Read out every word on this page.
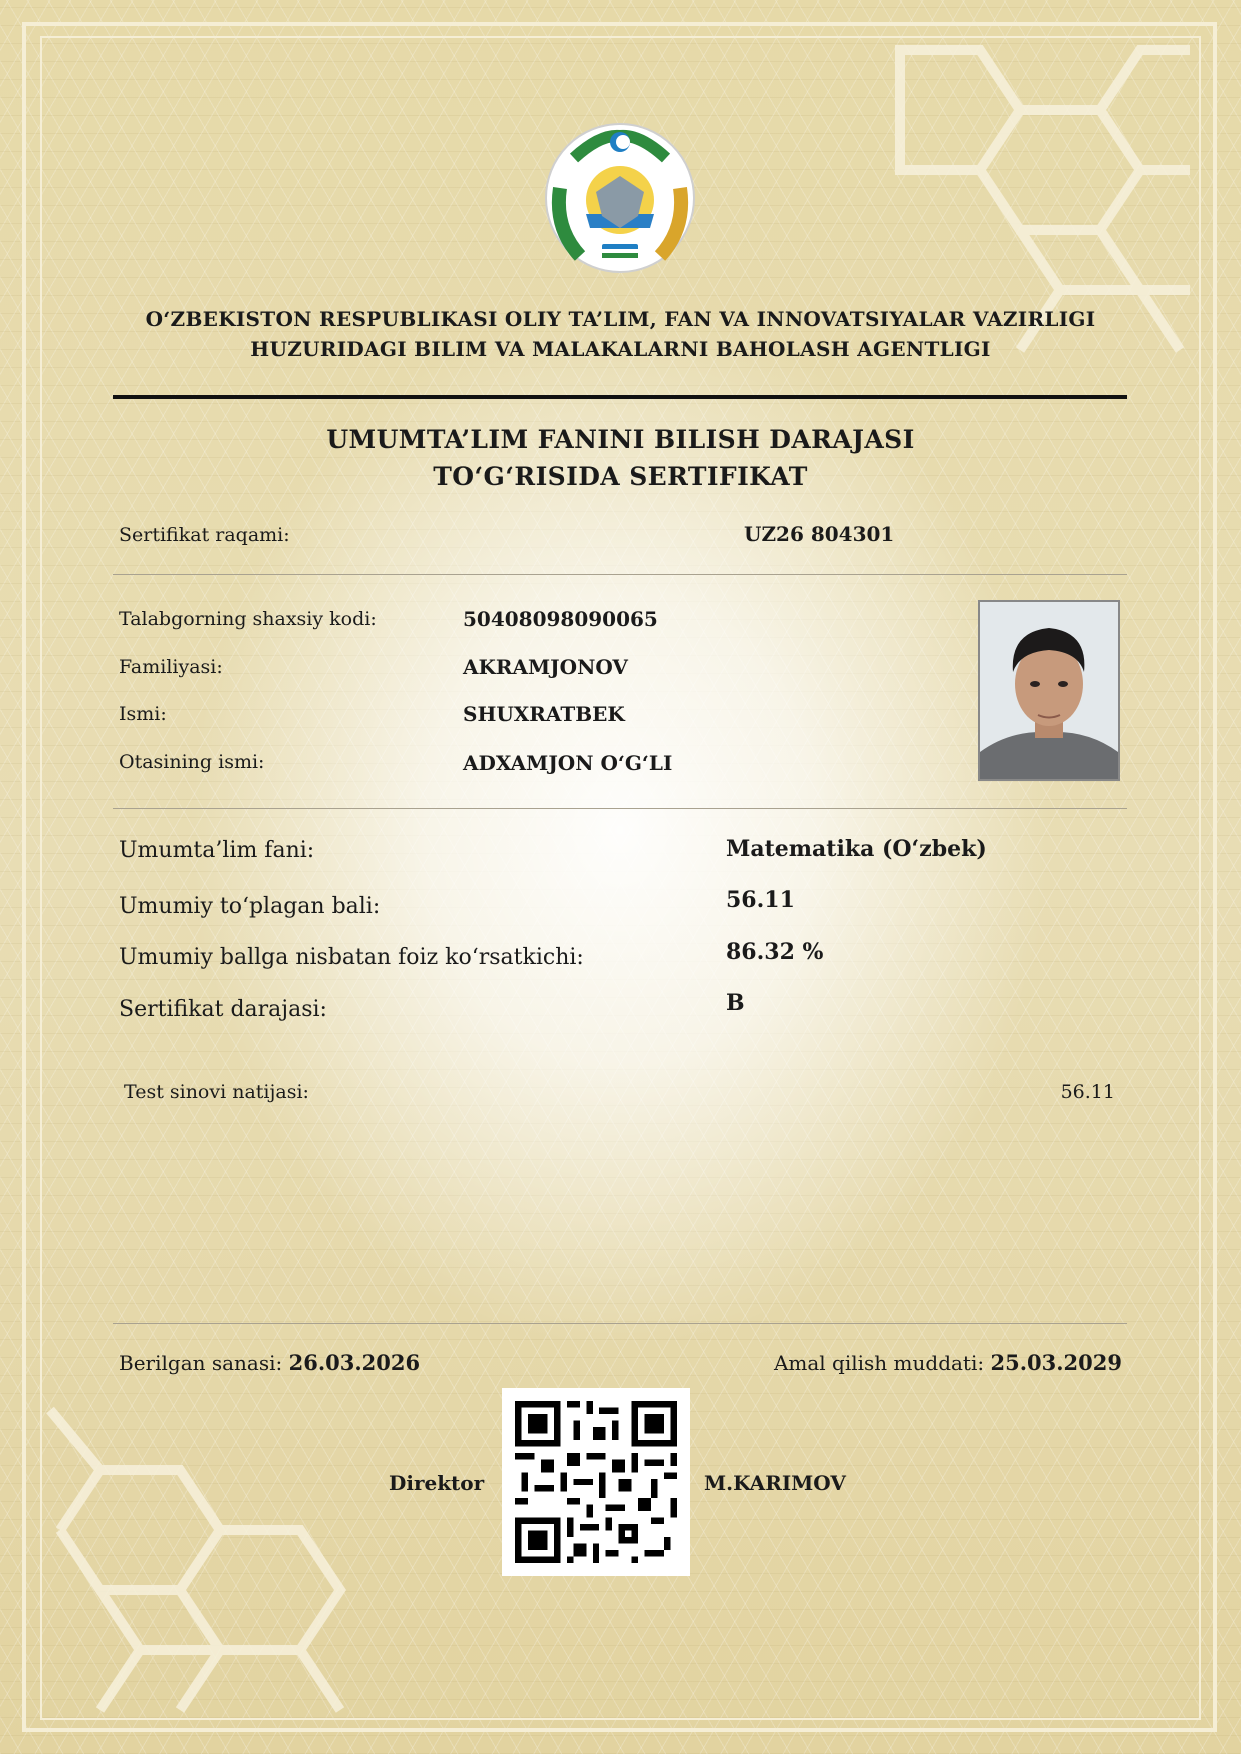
O‘ZBEKISTON RESPUBLIKASI OLIY TA’LIM, FAN VA INNOVATSIYALAR VAZIRLIGI
HUZURIDAGI BILIM VA MALAKALARNI BAHOLASH AGENTLIGI
UMUMTA’LIM FANINI BILISH DARAJASI
TO‘G‘RISIDA SERTIFIKAT
Sertifikat raqami:	UZ26 804301
Talabgorning shaxsiy kodi:	50408098090065
Familiyasi:	AKRAMJONOV
Ismi:	SHUXRATBEK
Otasining ismi:	ADXAMJON O‘G‘LI
Umumta’lim fani:	Matematika (O‘zbek)
Umumiy to‘plagan bali:	56.11
Umumiy ballga nisbatan foiz ko‘rsatkichi:	86.32 %
Sertifikat darajasi:	B
Test sinovi natijasi:	56.11
Berilgan sanasi: 26.03.2026	Amal qilish muddati: 25.03.2029
Direktor	M.KARIMOV
